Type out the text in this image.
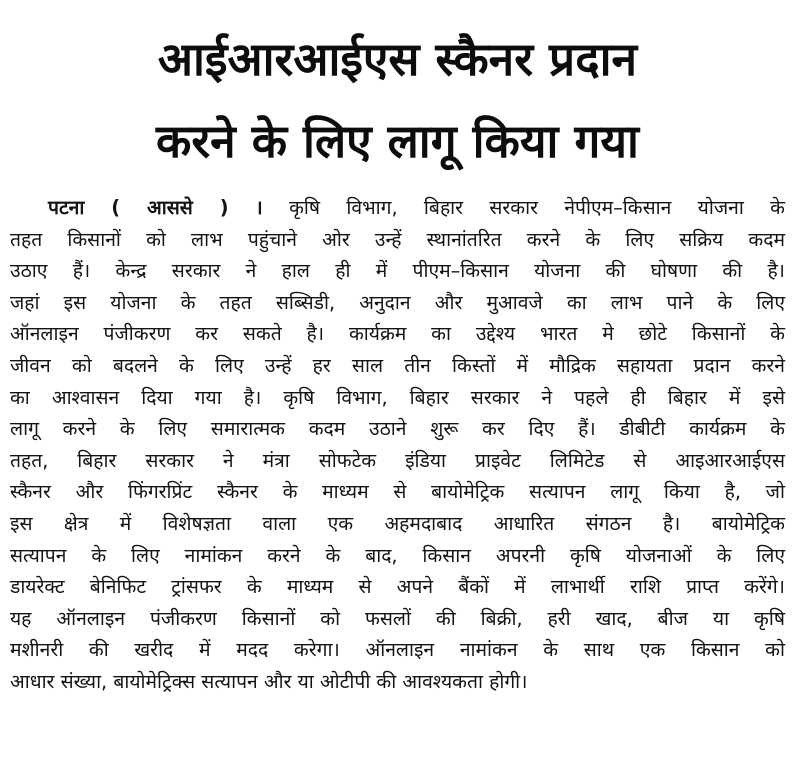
आईआरआईएस स्कैनर प्रदान
करने के लिए लागू किया गया
पटना ( आससे ) । कृषि विभाग, बिहार सरकार नेपीएम–किसान योजना के
तहत किसानों को लाभ पहुंचाने ओर उन्हें स्थानांतरित करने के लिए सक्रिय कदम
उठाए हैं। केन्द्र सरकार ने हाल ही में पीएम–किसान योजना की घोषणा की है।
जहां इस योजना के तहत सब्सिडी, अनुदान और मुआवजे का लाभ पाने के लिए
ऑनलाइन पंजीकरण कर सकते है। कार्यक्रम का उद्देश्य भारत मे छोटे किसानों के
जीवन को बदलने के लिए उन्हें हर साल तीन किस्तों में मौद्रिक सहायता प्रदान करने
का आश्वासन दिया गया है। कृषि विभाग, बिहार सरकार ने पहले ही बिहार में इसे
लागू करने के लिए समारात्मक कदम उठाने शुरू कर दिए हैं। डीबीटी कार्यक्रम के
तहत, बिहार सरकार ने मंत्रा सोफटेक इंडिया प्राइवेट लिमिटेड से आइआरआईएस
स्कैनर और फिंगरप्रिंट स्कैनर के माध्यम से बायोमेट्रिक सत्यापन लागू किया है, जो
इस क्षेत्र में विशेषज्ञता वाला एक अहमदाबाद आधारित संगठन है। बायोमेट्रिक
सत्यापन के लिए नामांकन करने के बाद, किसान अपरनी कृषि योजनाओं के लिए
डायरेक्ट बेनिफिट ट्रांसफर के माध्यम से अपने बैंकों में लाभार्थी राशि प्राप्त करेंगे।
यह ऑनलाइन पंजीकरण किसानों को फसलों की बिक्री, हरी खाद, बीज या कृषि
मशीनरी की खरीद में मदद करेगा। ऑनलाइन नामांकन के साथ एक किसान को
आधार संख्या, बायोमेट्रिक्स सत्यापन और या ओटीपी की आवश्यकता होगी।
